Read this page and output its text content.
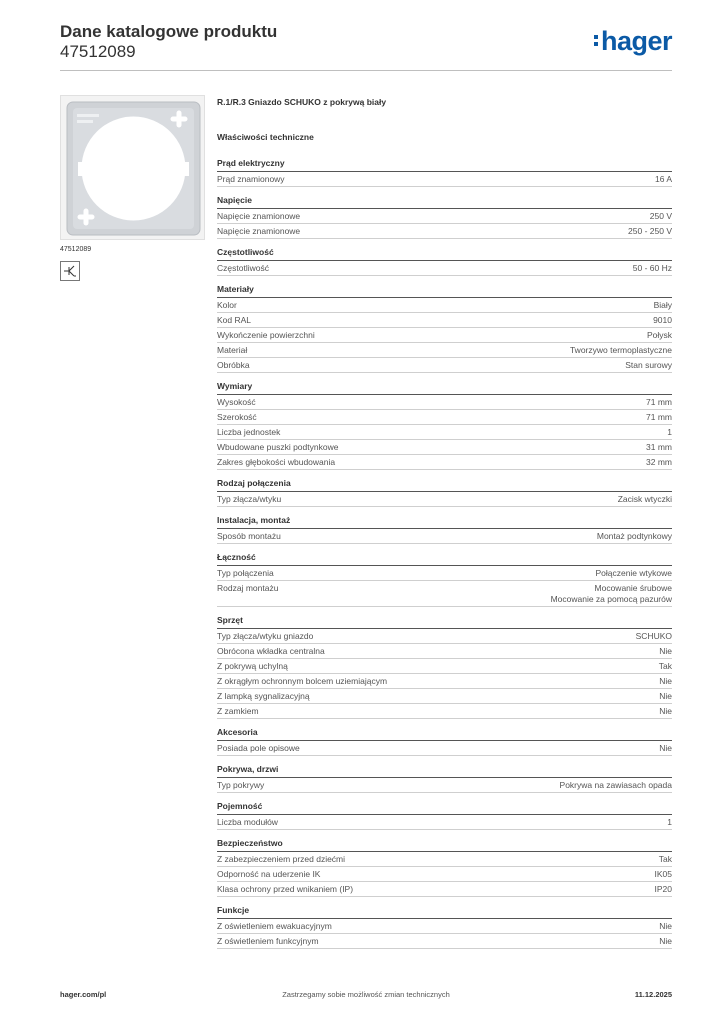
Dane katalogowe produktu
47512089	hager
47512089
R.1/R.3 Gniazdo SCHUKO z pokrywą biały
Właściwości techniczne
Prąd elektryczny
Prąd znamionowy	16 A
Napięcie
Napięcie znamionowe	250 V
Napięcie znamionowe	250 - 250 V
Częstotliwość
Częstotliwość	50 - 60 Hz
Materiały
Kolor	Biały
Kod RAL	9010
Wykończenie powierzchni	Połysk
Materiał	Tworzywo termoplastyczne
Obróbka	Stan surowy
Wymiary
Wysokość	71 mm
Szerokość	71 mm
Liczba jednostek	1
Wbudowane puszki podtynkowe	31 mm
Zakres głębokości wbudowania	32 mm
Rodzaj połączenia
Typ złącza/wtyku	Zacisk wtyczki
Instalacja, montaż
Sposób montażu	Montaż podtynkowy
Łączność
Typ połączenia	Połączenie wtykowe
Rodzaj montażu	Mocowanie śrubowe
Mocowanie za pomocą pazurów
Sprzęt
Typ złącza/wtyku gniazdo	SCHUKO
Obrócona wkładka centralna	Nie
Z pokrywą uchylną	Tak
Z okrągłym ochronnym bolcem uziemiającym	Nie
Z lampką sygnalizacyjną	Nie
Z zamkiem	Nie
Akcesoria
Posiada pole opisowe	Nie
Pokrywa, drzwi
Typ pokrywy	Pokrywa na zawiasach opada
Pojemność
Liczba modułów	1
Bezpieczeństwo
Z zabezpieczeniem przed dziećmi	Tak
Odporność na uderzenie IK	IK05
Klasa ochrony przed wnikaniem (IP)	IP20
Funkcje
Z oświetleniem ewakuacyjnym	Nie
Z oświetleniem funkcyjnym	Nie
Zastrzegamy sobie możliwość zmian technicznych
hager.com/pl	11.12.2025
